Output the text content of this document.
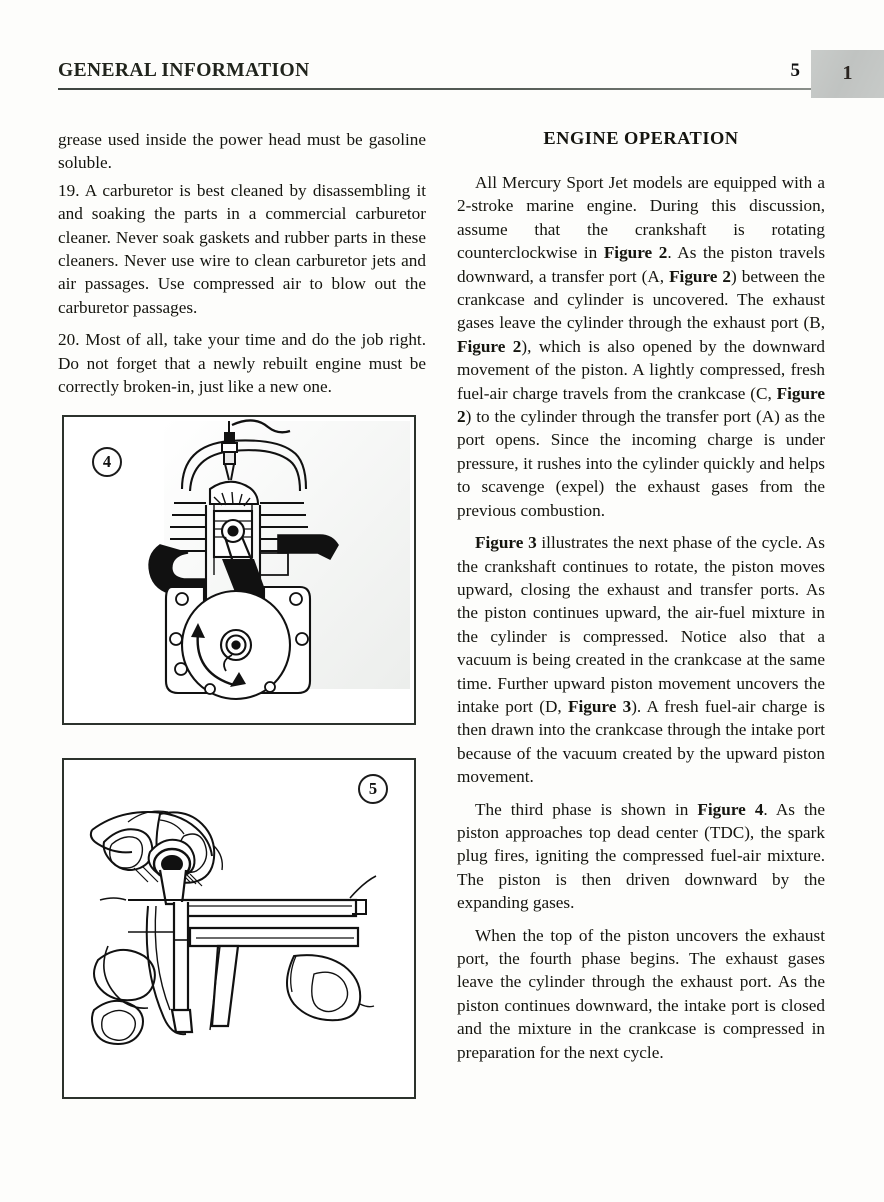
GENERAL INFORMATION	5	1

grease used inside the power head must be gasoline soluble.

19. A carburetor is best cleaned by disassembling it and soaking the parts in a commercial carburetor cleaner. Never soak gaskets and rubber parts in these cleaners. Never use wire to clean carburetor jets and air passages. Use compressed air to blow out the carburetor passages.

20. Most of all, take your time and do the job right. Do not forget that a newly rebuilt engine must be correctly broken-in, just like a new one.

4
5
ENGINE OPERATION

All Mercury Sport Jet models are equipped with a 2-stroke marine engine. During this discussion, assume that the crankshaft is rotating counterclockwise in Figure 2. As the piston travels downward, a transfer port (A, Figure 2) between the crankcase and cylinder is uncovered. The exhaust gases leave the cylinder through the exhaust port (B, Figure 2), which is also opened by the downward movement of the piston. A lightly compressed, fresh fuel-air charge travels from the crankcase (C, Figure 2) to the cylinder through the transfer port (A) as the port opens. Since the incoming charge is under pressure, it rushes into the cylinder quickly and helps to scavenge (expel) the exhaust gases from the previous combustion.

Figure 3 illustrates the next phase of the cycle. As the crankshaft continues to rotate, the piston moves upward, closing the exhaust and transfer ports. As the piston continues upward, the air-fuel mixture in the cylinder is compressed. Notice also that a vacuum is being created in the crankcase at the same time. Further upward piston movement uncovers the intake port (D, Figure 3). A fresh fuel-air charge is then drawn into the crankcase through the intake port because of the vacuum created by the upward piston movement.

The third phase is shown in Figure 4. As the piston approaches top dead center (TDC), the spark plug fires, igniting the compressed fuel-air mixture. The piston is then driven downward by the expanding gases.

When the top of the piston uncovers the exhaust port, the fourth phase begins. The exhaust gases leave the cylinder through the exhaust port. As the piston continues downward, the intake port is closed and the mixture in the crankcase is compressed in preparation for the next cycle.
